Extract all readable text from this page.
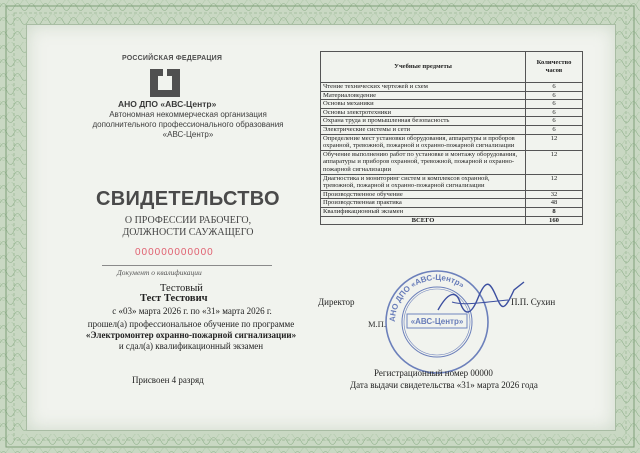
РОССИЙСКАЯ ФЕДЕРАЦИЯ
АНО ДПО «АВС-Центр»
Автономная некоммерческая организация дополнительного профессионального образования «АВС-Центр»
СВИДЕТЕЛЬСТВО
О ПРОФЕССИИ РАБОЧЕГО, ДОЛЖНОСТИ САУЖАЩЕГО
000000000000
Документ о квалификации
Тестовый
Тест Тестович
с «03» марта 2026 г. по «31» марта 2026 г.
прошел(а) профессиональное обучение по программе
«Электромонтер охранно-пожарной сигнализации»
и сдал(а) квалификационный экзамен
Присвоен 4 разряд
Учебные предметы	Количество часов
Чтение технических чертежей и схем	6
Материаловедение	6
Основы механики	6
Основы электротехники	6
Охрана труда и промышленная безопасность	6
Электрические системы и сети	6
Определение мест установки оборудования, аппаратуры и проборов охранной, тревожной, пожарной и охранно-пожарной сигнализации	12
Обучение выполнению работ по установке и монтажу оборудования, аппаратуры и приборов охранной, тревожной, пожарной и охранно- пожарной сигнализации	12
Диагностика и мониторинг систем и комплексов охранной, тревожной, пожарной и охранно-пожарной сигнализации	12
Производственное обучение	32
Производственная практика	48
Квалификационный экзамен	8
ВСЕГО	160
Директор	П.П. Сухин
М.П.
АНО ДПО «АВС-Центр»
«АВС-Центр»
Регистрационный номер 00000
Дата выдачи свидетельства «31» марта 2026 года
